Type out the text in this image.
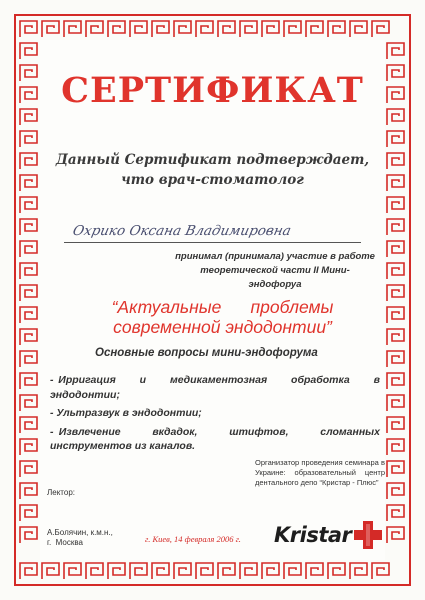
СЕРТИФИКАТ
Данный Сертификат подтверждает,
что врач-стоматолог
Охрико Оксана Владимировна
принимал (принимала) участие в работе
теоретической части II Мини-эндофоруа
“Актуальные      проблемы
современной эндодонтии”
Основные вопросы мини-эндофорума
- Ирригация     и     медикаментозная     обработка     в эндодонтии;
- Ультразвук в эндодонтии;
- Извлечение      вкдадок,      штифтов,      сломанных инструментов из каналов.
Организатор проведения семинара в Украине: образовательный центр дентального депо “Кристар - Плюс”
Лектор:
А.Болячин, к.м.н.,
г.  Москва	г. Киев, 14 февраля 2006 г. Kristar
